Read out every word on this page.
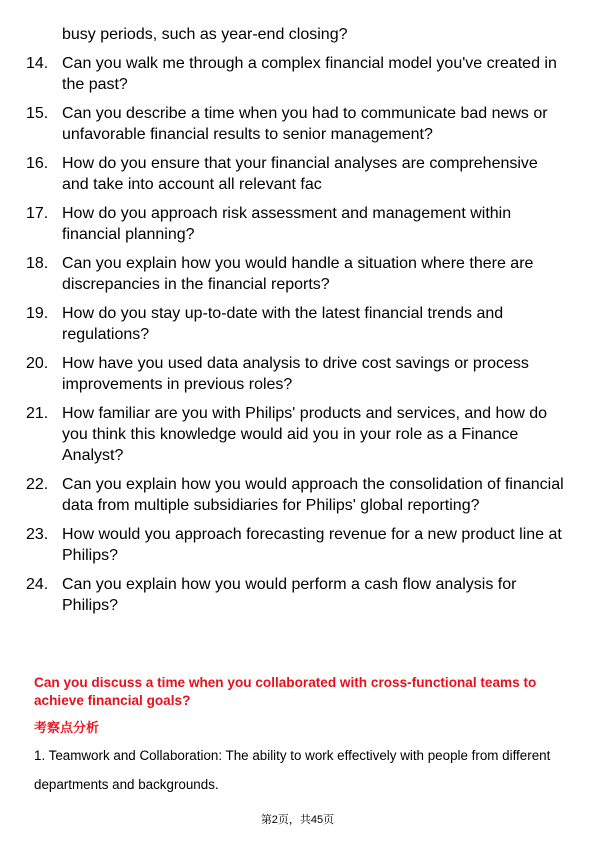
busy periods, such as year-end closing?
14. Can you walk me through a complex financial model you've created in the past?
15. Can you describe a time when you had to communicate bad news or unfavorable financial results to senior management?
16. How do you ensure that your financial analyses are comprehensive and take into account all relevant fac
17. How do you approach risk assessment and management within financial planning?
18. Can you explain how you would handle a situation where there are discrepancies in the financial reports?
19. How do you stay up-to-date with the latest financial trends and regulations?
20. How have you used data analysis to drive cost savings or process improvements in previous roles?
21. How familiar are you with Philips' products and services, and how do you think this knowledge would aid you in your role as a Finance Analyst?
22. Can you explain how you would approach the consolidation of financial data from multiple subsidiaries for Philips' global reporting?
23. How would you approach forecasting revenue for a new product line at Philips?
24. Can you explain how you would perform a cash flow analysis for Philips?
Can you discuss a time when you collaborated with cross-functional teams to achieve financial goals?
考察点分析
1. Teamwork and Collaboration: The ability to work effectively with people from different departments and backgrounds.
第2页，共45页
